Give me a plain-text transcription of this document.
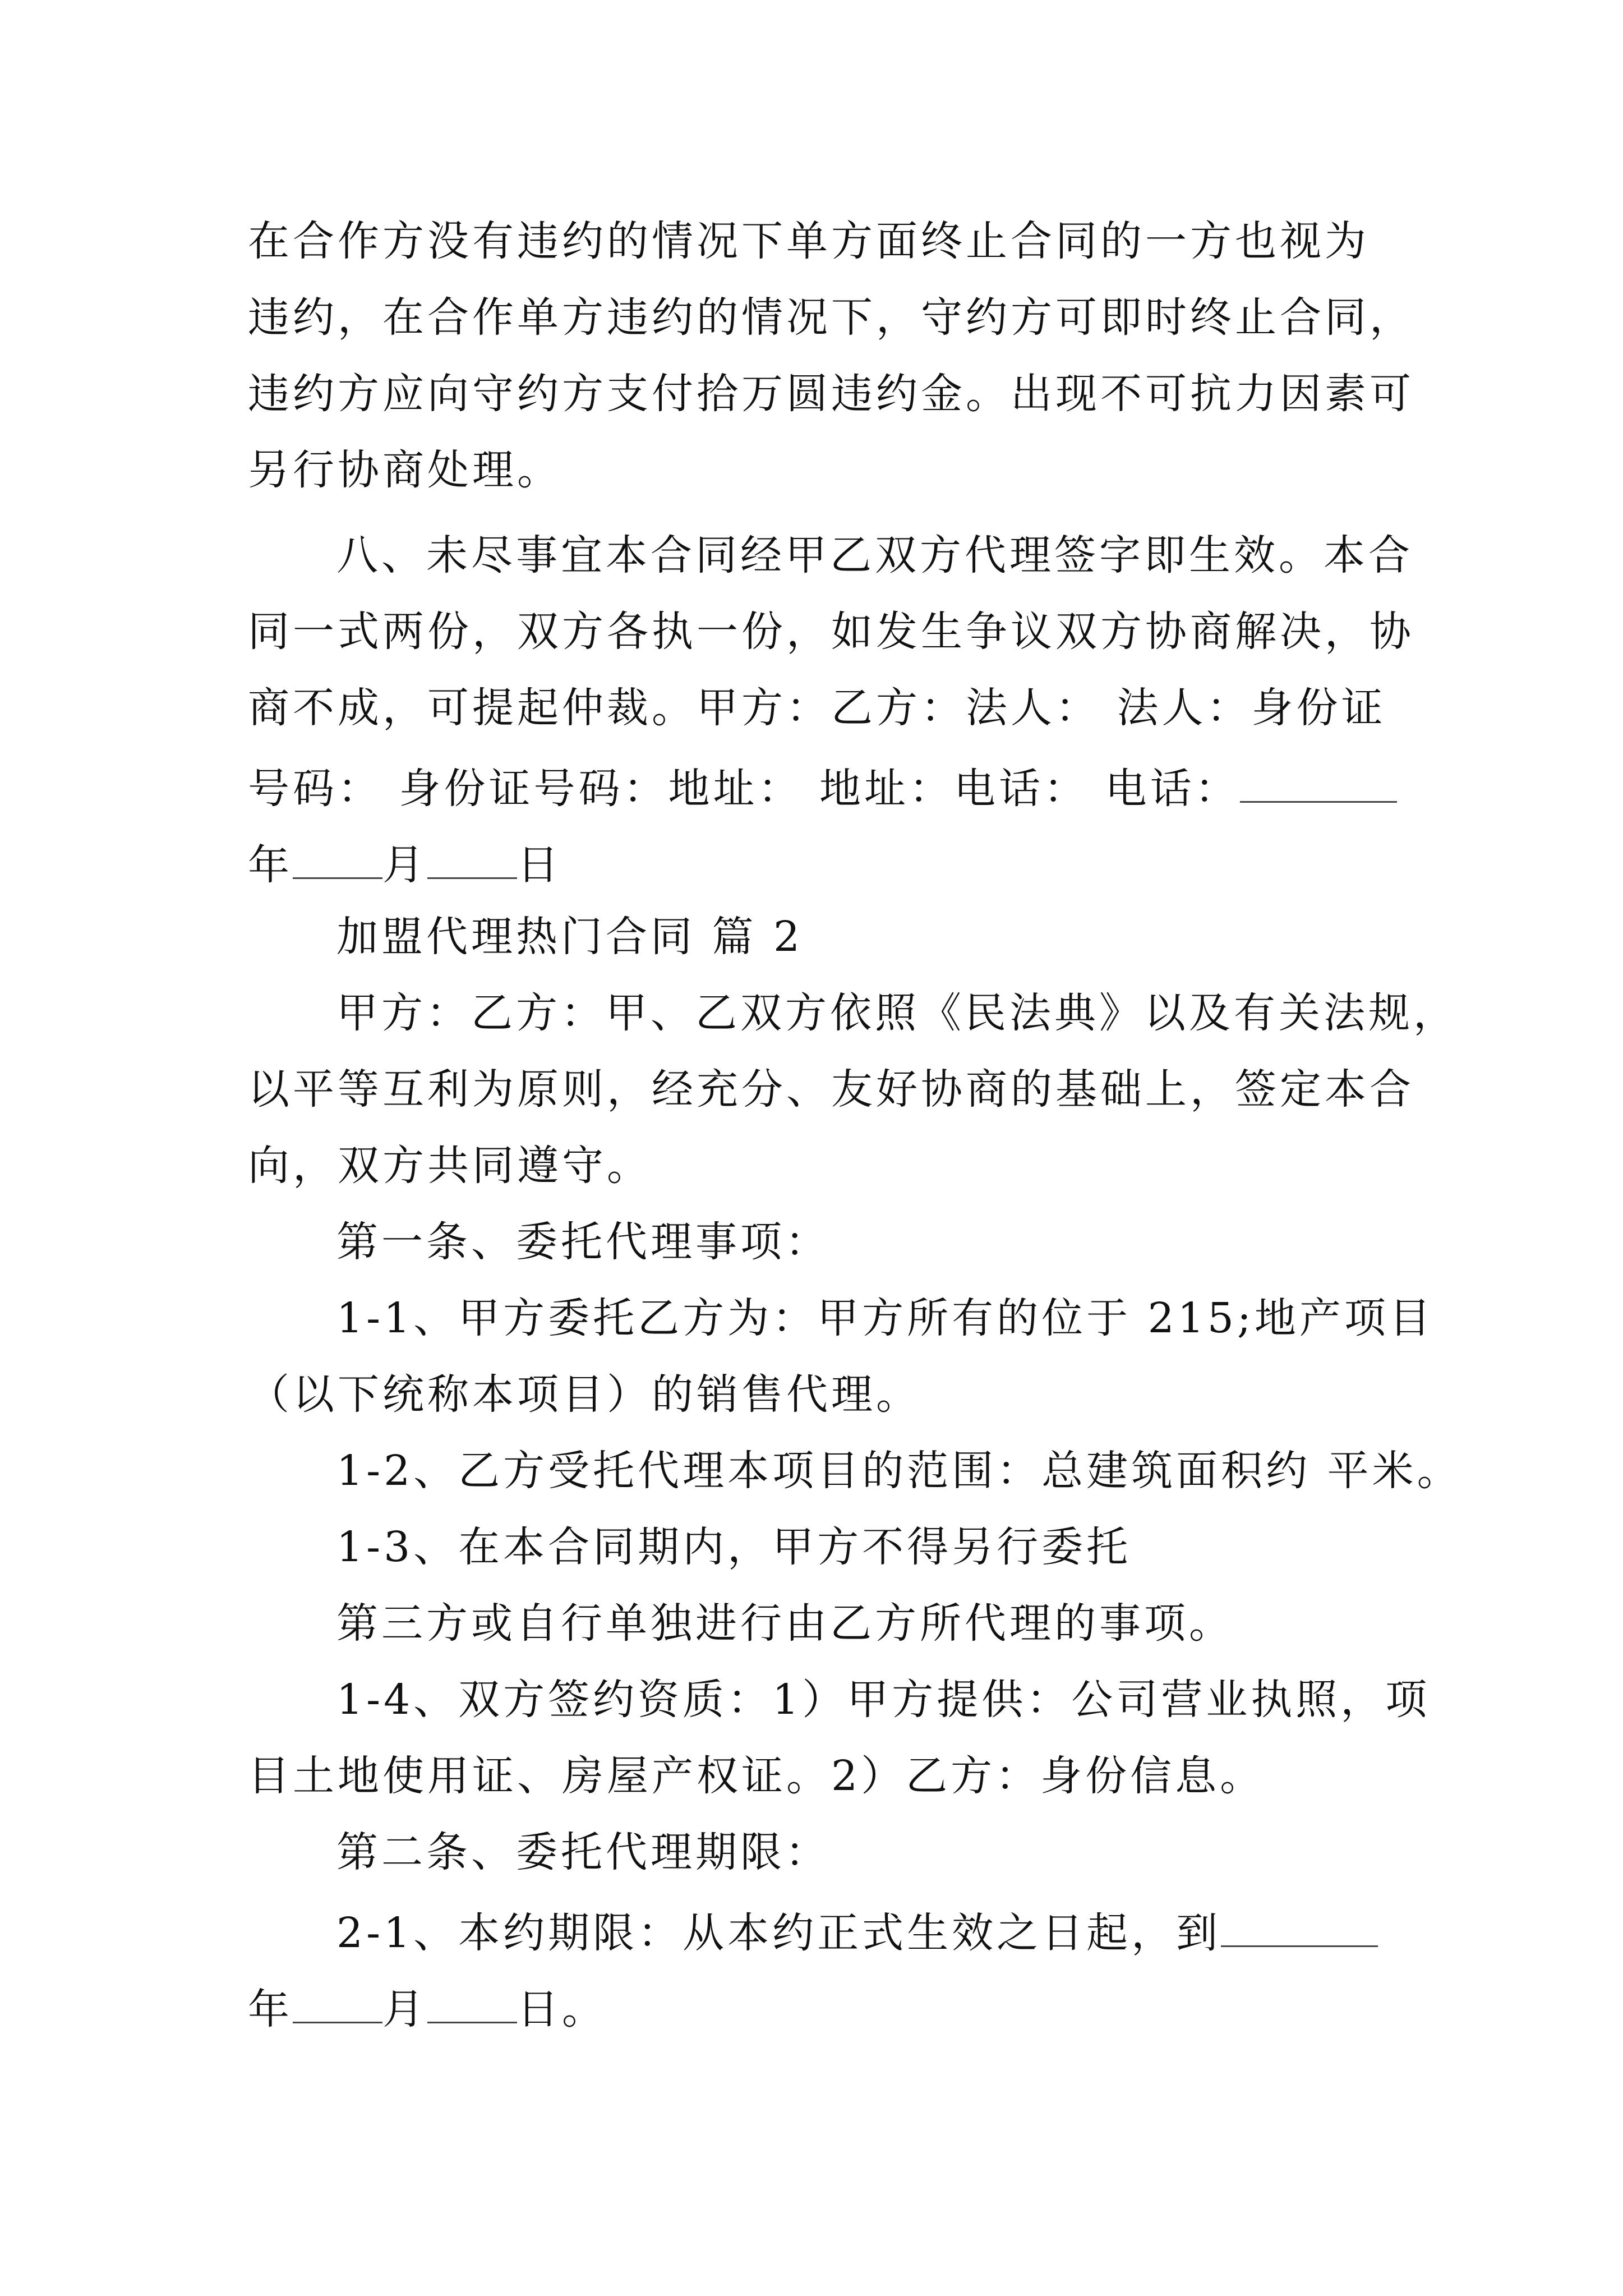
在合作方没有违约的情况下单方面终止合同的一方也视为

违约，在合作单方违约的情况下，守约方可即时终止合同，

违约方应向守约方支付拾万圆违约金。出现不可抗力因素可

另行协商处理。

八、未尽事宜本合同经甲乙双方代理签字即生效。本合

同一式两份，双方各执一份，如发生争议双方协商解决，协

商不成，可提起仲裁。甲方：乙方：法人： 法人：身份证

号码： 身份证号码：地址： 地址：电话： 电话：

年 月 日

加盟代理热门合同 篇 2

甲方：乙方：甲、乙双方依照《民法典》以及有关法规，

以平等互利为原则，经充分、友好协商的基础上，签定本合

向，双方共同遵守。

第一条、委托代理事项：

1-1、甲方委托乙方为：甲方所有的位于 215;地产项目

（以下统称本项目）的销售代理。

1-2、乙方受托代理本项目的范围：总建筑面积约 平米。

1-3、在本合同期内，甲方不得另行委托

第三方或自行单独进行由乙方所代理的事项。

1-4、双方签约资质：1）甲方提供：公司营业执照，项

目土地使用证、房屋产权证。2）乙方：身份信息。

第二条、委托代理期限：

2-1、本约期限：从本约正式生效之日起，到

年 月 日。
